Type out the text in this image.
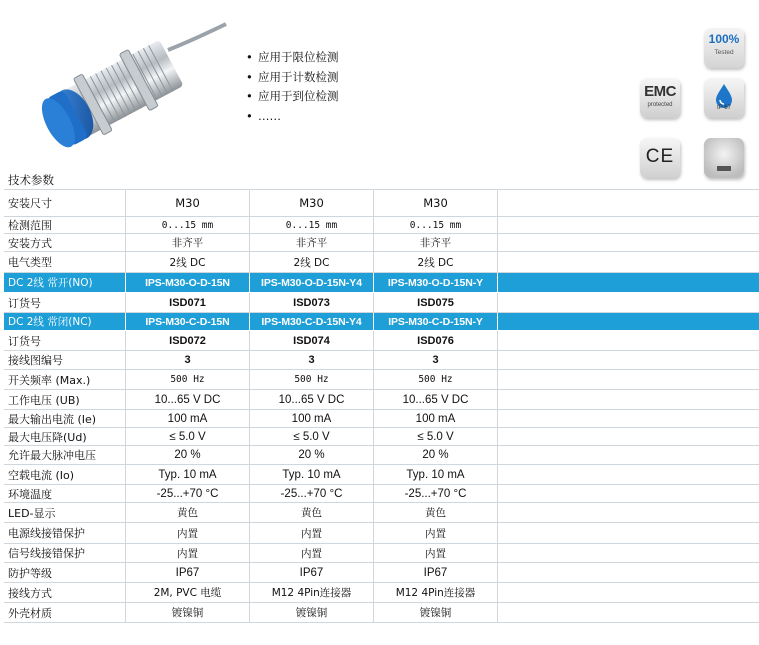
• 应用于限位检测
• 应用于计数检测
• 应用于到位检测
• ……
100%
Tested
EMC
protected	IP 67
CE
技术参数
安装尺寸	M30	M30	M30
检测范围	0...15 mm	0...15 mm	0...15 mm
安装方式	非齐平	非齐平	非齐平
电气类型	2线 DC	2线 DC	2线 DC
DC 2线 常开(NO)	IPS-M30-O-D-15N	IPS-M30-O-D-15N-Y4	IPS-M30-O-D-15N-Y
订货号	ISD071	ISD073	ISD075
DC 2线 常闭(NC)	IPS-M30-C-D-15N	IPS-M30-C-D-15N-Y4	IPS-M30-C-D-15N-Y
订货号	ISD072	ISD074	ISD076
接线图编号	3	3	3
开关频率 (Max.)	500 Hz	500 Hz	500 Hz
工作电压 (UB)	10...65 V DC	10...65 V DC	10...65 V DC
最大输出电流 (Ie)	100 mA	100 mA	100 mA
最大电压降(Ud)	≤ 5.0 V	≤ 5.0 V	≤ 5.0 V
允许最大脉冲电压	20 %	20 %	20 %
空载电流 (Io)	Typ. 10 mA	Typ. 10 mA	Typ. 10 mA
环境温度	-25...+70 °C	-25...+70 °C	-25...+70 °C
LED-显示	黄色	黄色	黄色
电源线接错保护	内置	内置	内置
信号线接错保护	内置	内置	内置
防护等级	IP67	IP67	IP67
接线方式	2M, PVC 电缆	M12 4Pin连接器	M12 4Pin连接器
外壳材质	镀镍铜	镀镍铜	镀镍铜
